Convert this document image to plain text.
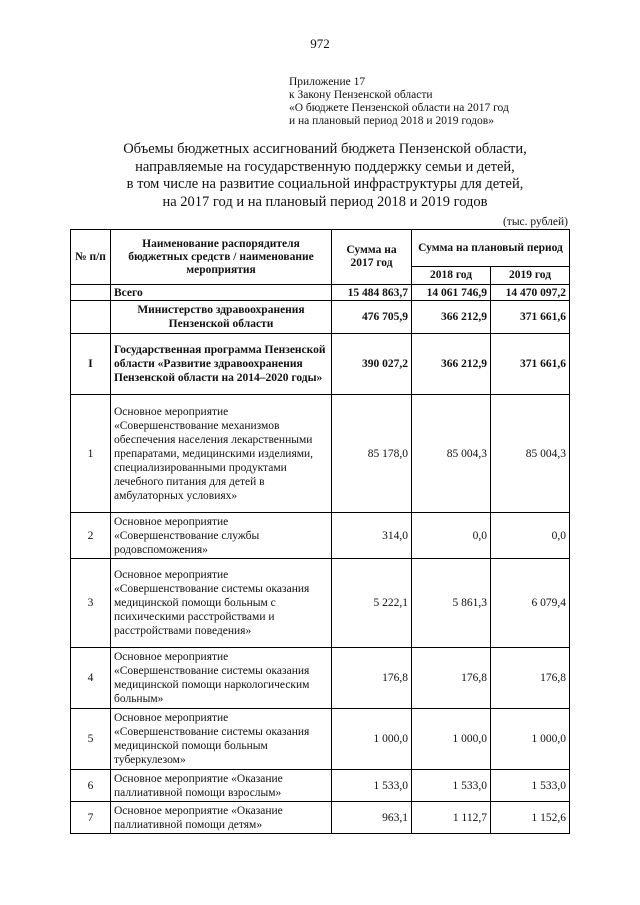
972
Приложение 17
к Закону Пензенской области
«О бюджете Пензенской области на 2017 год
и на плановый период 2018 и 2019 годов»
Объемы бюджетных ассигнований бюджета Пензенской области,
направляемые на государственную поддержку семьи и детей,
в том числе на развитие социальной инфраструктуры для детей,
на 2017 год и на плановый период 2018 и 2019 годов
(тыс. рублей)
№ п/п	Наименование распорядителя бюджетных средств / наименование мероприятия	Сумма на 2017 год	Сумма на плановый период	
			2018 год	2019 год
	Всего	15 484 863,7	14 061 746,9	14 470 097,2
	Министерство здравоохранения Пензенской области	476 705,9	366 212,9	371 661,6
I	Государственная программа Пензенской области «Развитие здравоохранения Пензенской области на 2014–2020 годы»	390 027,2	366 212,9	371 661,6
1	Основное мероприятие «Совершенствование механизмов обеспечения населения лекарственными препаратами, медицинскими изделиями, специализированными продуктами лечебного питания для детей в амбулаторных условиях»	85 178,0	85 004,3	85 004,3
2	Основное мероприятие «Совершенствование службы родовспоможения»	314,0	0,0	0,0
3	Основное мероприятие «Совершенствование системы оказания медицинской помощи больным с психическими расстройствами и расстройствами поведения»	5 222,1	5 861,3	6 079,4
4	Основное мероприятие «Совершенствование системы оказания медицинской помощи наркологическим больным»	176,8	176,8	176,8
5	Основное мероприятие «Совершенствование системы оказания медицинской помощи больным туберкулезом»	1 000,0	1 000,0	1 000,0
6	Основное мероприятие «Оказание паллиативной помощи взрослым»	1 533,0	1 533,0	1 533,0
7	Основное мероприятие «Оказание паллиативной помощи детям»	963,1	1 112,7	1 152,6
